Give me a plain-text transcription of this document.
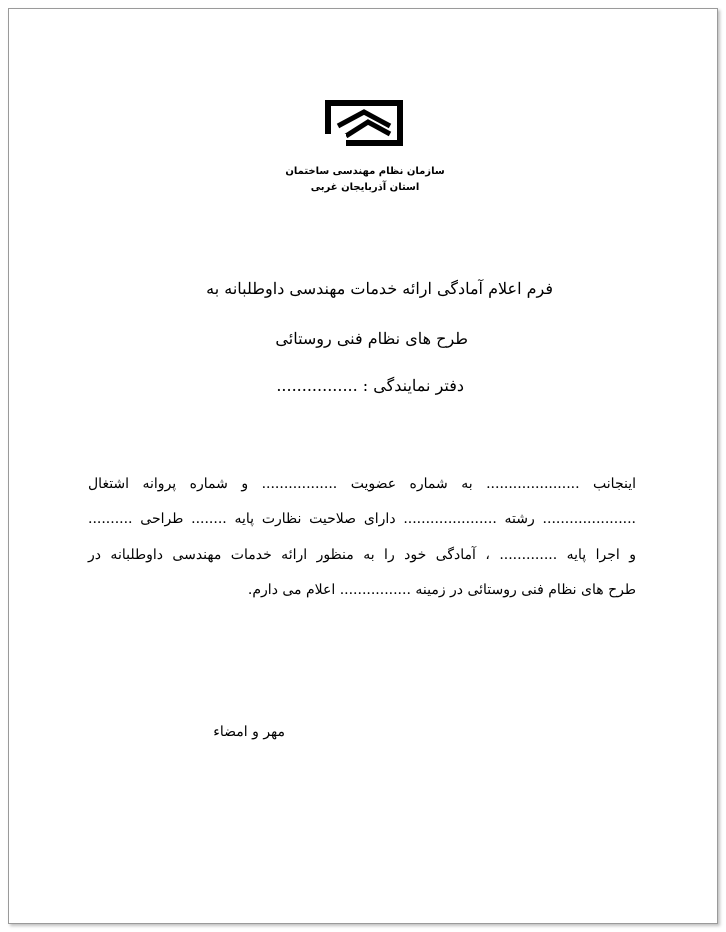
سازمان نظام مهندسی ساختمان
استان آذربایجان غربی
فرم اعلام آمادگی ارائه خدمات مهندسی داوطلبانه به
طرح های نظام فنی روستائی
دفتر نمایندگی : ................
اینجانب ..................... به شماره عضویت ................. و شماره پروانه اشتغال
..................... رشته ..................... دارای صلاحیت نظارت پایه ........ طراحی ..........
و اجرا پایه ............. ، آمادگی خود را به منظور ارائه خدمات مهندسی داوطلبانه در
طرح های نظام فنی روستائی در زمینه ................ اعلام می دارم.
مهر و امضاء
